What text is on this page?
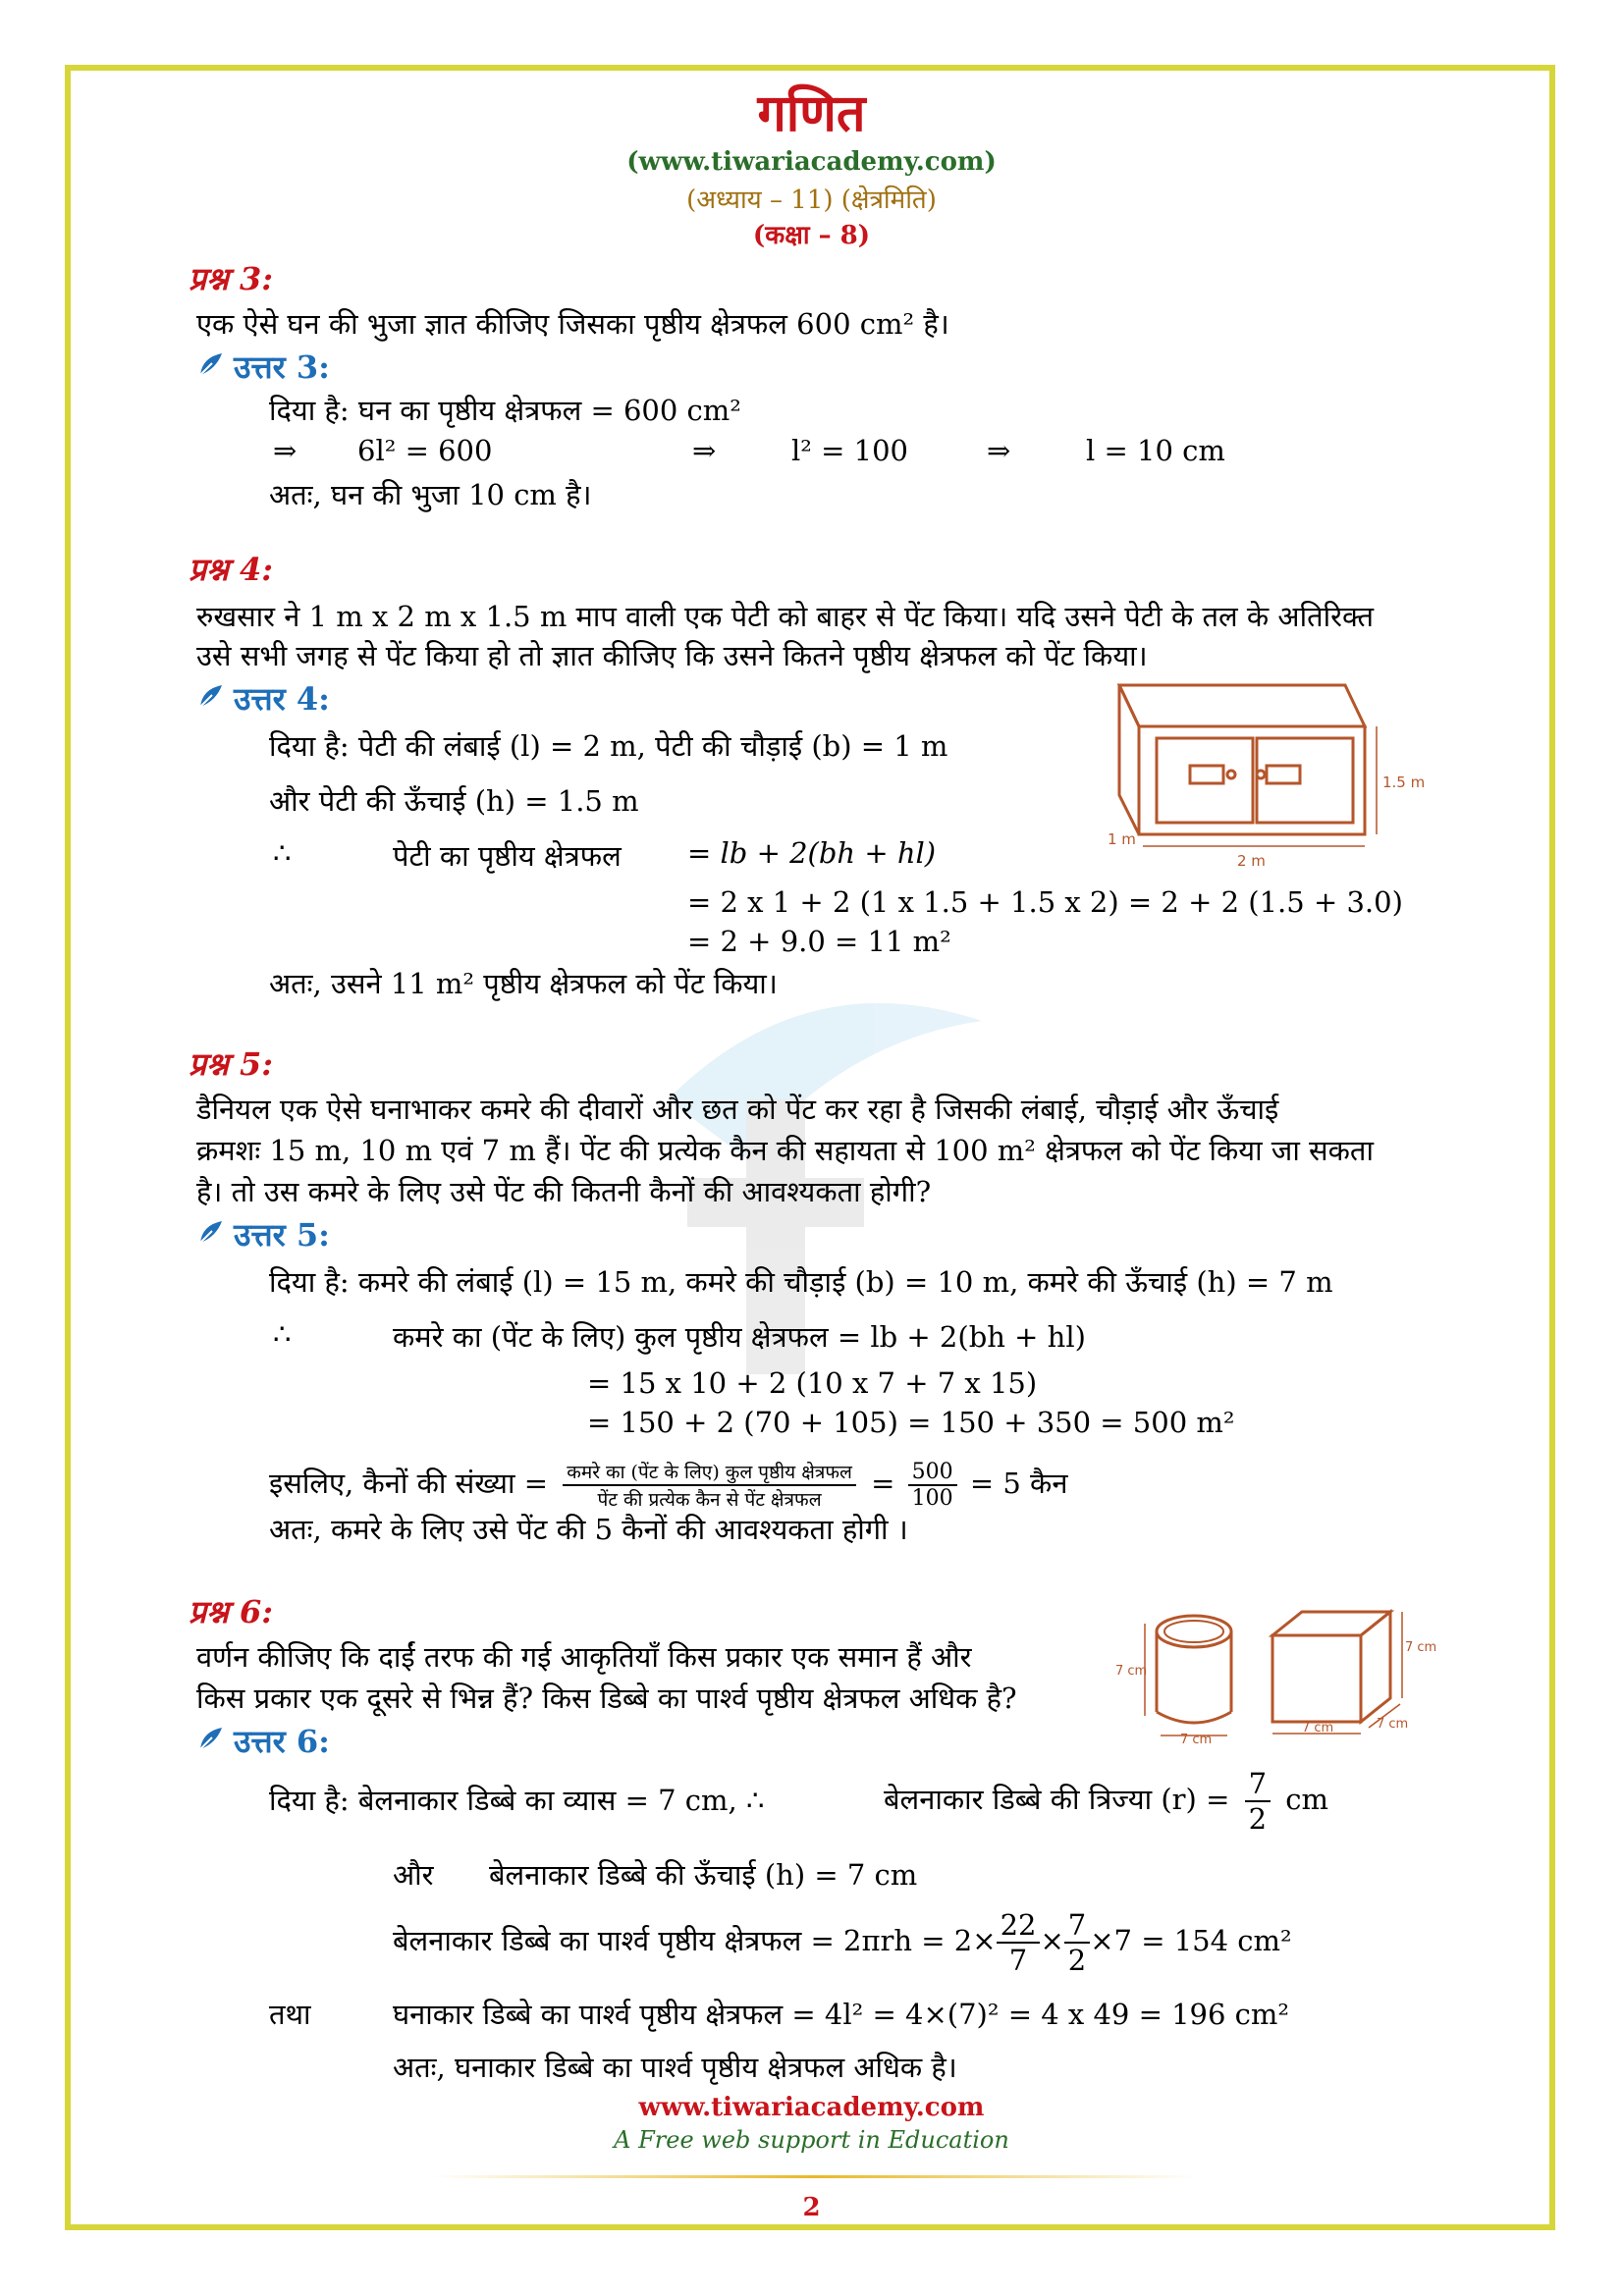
गणित
(www.tiwariacademy.com)
(अध्याय – 11) (क्षेत्रमिति)
(कक्षा – 8)
प्रश्न 3:
एक ऐसे घन की भुजा ज्ञात कीजिए जिसका पृष्ठीय क्षेत्रफल 600 cm² है।
उत्तर 3:
दिया है: घन का पृष्ठीय क्षेत्रफल = 600 cm²
⇒ 6l² = 600	⇒	l² = 100	⇒	l = 10 cm
अतः, घन की भुजा 10 cm है।
प्रश्न 4:
रुखसार ने 1 m x 2 m x 1.5 m माप वाली एक पेटी को बाहर से पेंट किया। यदि उसने पेटी के तल के अतिरिक्त
उसे सभी जगह से पेंट किया हो तो ज्ञात कीजिए कि उसने कितने पृष्ठीय क्षेत्रफल को पेंट किया।
उत्तर 4:
दिया है: पेटी की लंबाई (l) = 2 m, पेटी की चौड़ाई (b) = 1 m
और पेटी की ऊँचाई (h) = 1.5 m
∴	पेटी का पृष्ठीय क्षेत्रफल = lb + 2(bh + hl)
= 2 x 1 + 2 (1 x 1.5 + 1.5 x 2) = 2 + 2 (1.5 + 3.0)
= 2 + 9.0 = 11 m²
अतः, उसने 11 m² पृष्ठीय क्षेत्रफल को पेंट किया।
1.5 m
1 m
2 m
प्रश्न 5:
डैनियल एक ऐसे घनाभाकर कमरे की दीवारों और छत को पेंट कर रहा है जिसकी लंबाई, चौड़ाई और ऊँचाई
क्रमशः 15 m, 10 m एवं 7 m हैं। पेंट की प्रत्येक कैन की सहायता से 100 m² क्षेत्रफल को पेंट किया जा सकता
है। तो उस कमरे के लिए उसे पेंट की कितनी कैनों की आवश्यकता होगी?
उत्तर 5:
दिया है: कमरे की लंबाई (l) = 15 m, कमरे की चौड़ाई (b) = 10 m, कमरे की ऊँचाई (h) = 7 m
∴	कमरे का (पेंट के लिए) कुल पृष्ठीय क्षेत्रफल = lb + 2(bh + hl)
= 15 x 10 + 2 (10 x 7 + 7 x 15)
= 150 + 2 (70 + 105) = 150 + 350 = 500 m²
इसलिए, कैनों की संख्या = $\frac{\text{कमरे का (पेंट के लिए) कुल पृष्ठीय क्षेत्रफल}}{\text{पेंट की प्रत्येक कैन से पेंट क्षेत्रफल}} = \frac{500}{100} = 5$ कैन
अतः, कमरे के लिए उसे पेंट की 5 कैनों की आवश्यकता होगी ।
प्रश्न 6:
वर्णन कीजिए कि दाईं तरफ की गई आकृतियाँ किस प्रकार एक समान हैं और
किस प्रकार एक दूसरे से भिन्न हैं? किस डिब्बे का पार्श्व पृष्ठीय क्षेत्रफल अधिक है?
उत्तर 6:
7 cm
7 cm
7 cm
7 cm	7 cm
दिया है: बेलनाकार डिब्बे का व्यास = 7 cm, ∴	बेलनाकार डिब्बे की त्रिज्या $(r) = \frac{7}{2}$ cm
और बेलनाकार डिब्बे की ऊँचाई (h) = 7 cm
बेलनाकार डिब्बे का पार्श्व पृष्ठीय क्षेत्रफल = $2\pi rh = 2\times \frac{22}{7} \times \frac{7}{2} \times 7 = 154$ cm²
तथा	घनाकार डिब्बे का पार्श्व पृष्ठीय क्षेत्रफल = 4l² = 4×(7)² = 4 x 49 = 196 cm²
अतः, घनाकार डिब्बे का पार्श्व पृष्ठीय क्षेत्रफल अधिक है।
www.tiwariacademy.com
A Free web support in Education
2
